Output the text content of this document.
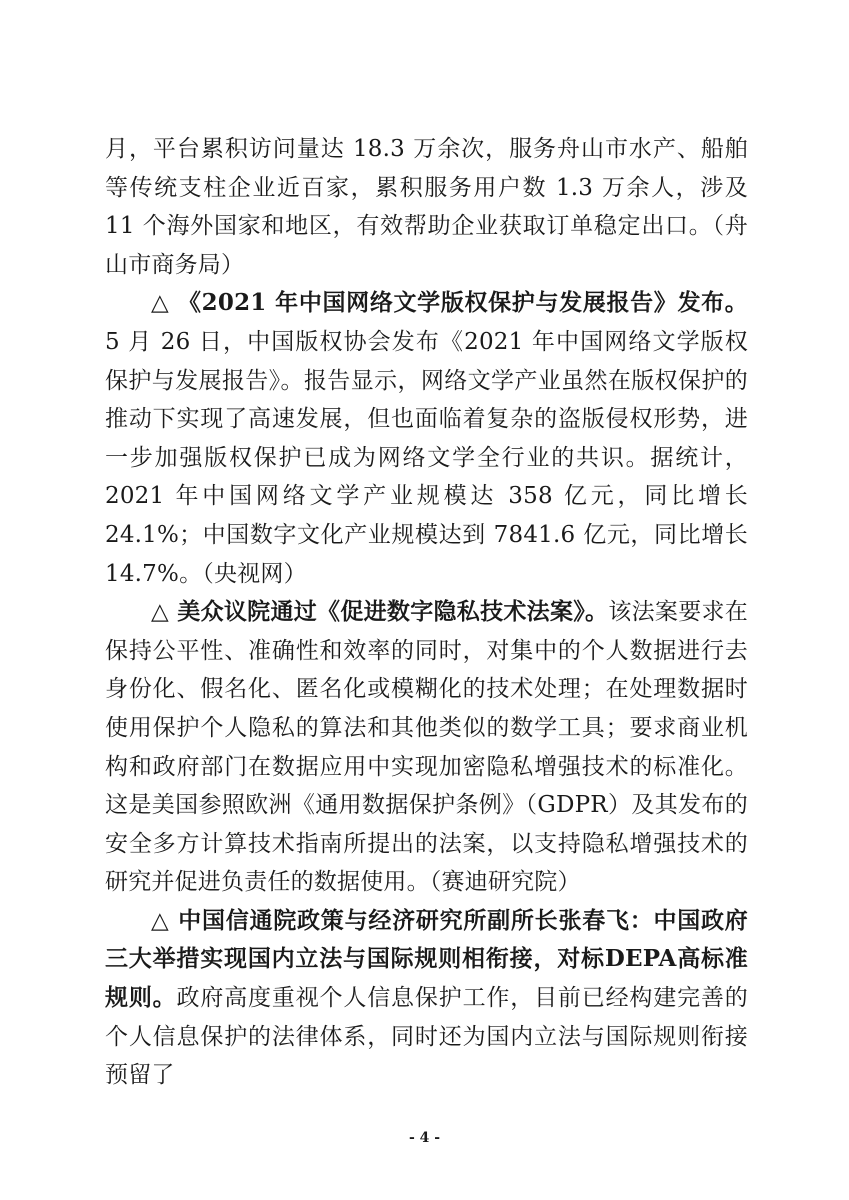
月，平台累积访问量达 18.3 万余次，服务舟山市水产、船舶等传统支柱企业近百家，累积服务用户数 1.3 万余人，涉及 11 个海外国家和地区，有效帮助企业获取订单稳定出口。（舟山市商务局）

△ 《2021 年中国网络文学版权保护与发展报告》发布。5 月 26 日，中国版权协会发布《2021 年中国网络文学版权保护与发展报告》。报告显示，网络文学产业虽然在版权保护的推动下实现了高速发展，但也面临着复杂的盗版侵权形势，进一步加强版权保护已成为网络文学全行业的共识。据统计，2021 年中国网络文学产业规模达 358 亿元，同比增长 24.1%；中国数字文化产业规模达到 7841.6 亿元，同比增长 14.7%。（央视网）

△ 美众议院通过《促进数字隐私技术法案》。该法案要求在保持公平性、准确性和效率的同时，对集中的个人数据进行去身份化、假名化、匿名化或模糊化的技术处理；在处理数据时使用保护个人隐私的算法和其他类似的数学工具；要求商业机构和政府部门在数据应用中实现加密隐私增强技术的标准化。这是美国参照欧洲《通用数据保护条例》（GDPR）及其发布的安全多方计算技术指南所提出的法案，以支持隐私增强技术的研究并促进负责任的数据使用。（赛迪研究院）

△ 中国信通院政策与经济研究所副所长张春飞：中国政府三大举措实现国内立法与国际规则相衔接，对标DEPA高标准规则。政府高度重视个人信息保护工作，目前已经构建完善的个人信息保护的法律体系，同时还为国内立法与国际规则衔接预留了

- 4 -
